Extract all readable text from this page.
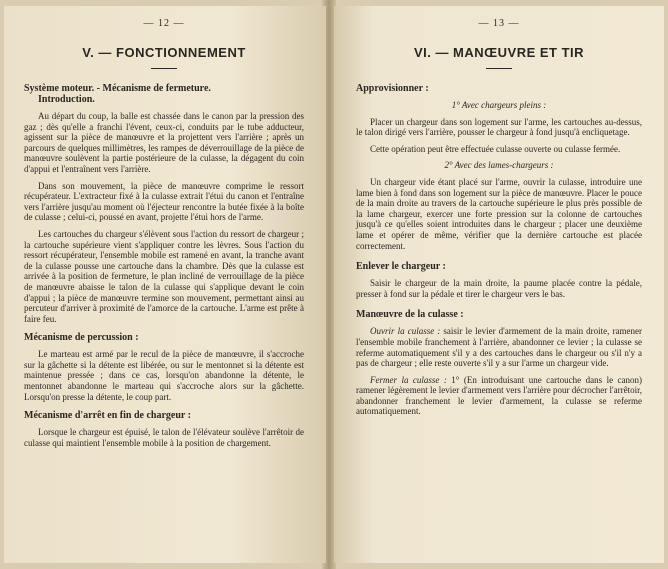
— 12 —
V. — FONCTIONNEMENT
Système moteur. - Mécanisme de fermeture.
Introduction.

Au départ du coup, la balle est chassée dans le canon par la pression des gaz ; dès qu'elle a franchi l'évent, ceux-ci, conduits par le tube adducteur, agissent sur la pièce de manœuvre et la projettent vers l'arrière ; après un parcours de quelques millimètres, les rampes de déverrouillage de la pièce de manœuvre soulèvent la partie postérieure de la culasse, la dégagent du coin d'appui et l'entraînent vers l'arrière.

Dans son mouvement, la pièce de manœuvre comprime le ressort récupérateur. L'extracteur fixé à la culasse extrait l'étui du canon et l'entraîne vers l'arrière jusqu'au moment où l'éjecteur rencontre la butée fixée à la boîte de culasse ; celui-ci, poussé en avant, projette l'étui hors de l'arme.

Les cartouches du chargeur s'élèvent sous l'action du ressort de chargeur ; la cartouche supérieure vient s'appliquer contre les lèvres. Sous l'action du ressort récupérateur, l'ensemble mobile est ramené en avant, la tranche avant de la culasse pousse une cartouche dans la chambre. Dès que la culasse est arrivée à la position de fermeture, le plan incliné de verrouillage de la pièce de manœuvre abaisse le talon de la culasse qui s'applique devant le coin d'appui ; la pièce de manœuvre termine son mouvement, permettant ainsi au percuteur d'arriver à proximité de l'amorce de la cartouche. L'arme est prête à faire feu.

Mécanisme de percussion :

Le marteau est armé par le recul de la pièce de manœuvre, il s'accroche sur la gâchette si la détente est libérée, ou sur le mentonnet si la détente est maintenue pressée ; dans ce cas, lorsqu'on abandonne la détente, le mentonnet abandonne le marteau qui s'accroche alors sur la gâchette. Lorsqu'on presse la détente, le coup part.

Mécanisme d'arrêt en fin de chargeur :

Lorsque le chargeur est épuisé, le talon de l'élévateur soulève l'arrêtoir de culasse qui maintient l'ensemble mobile à la position de chargement.

— 13 —
VI. — MANŒUVRE ET TIR
Approvisionner :

1° Avec chargeurs pleins :

Placer un chargeur dans son logement sur l'arme, les cartouches au-dessus, le talon dirigé vers l'arrière, pousser le chargeur à fond jusqu'à encliquetage.

Cette opération peut être effectuée culasse ouverte ou culasse fermée.

2° Avec des lames-chargeurs :

Un chargeur vide étant placé sur l'arme, ouvrir la culasse, introduire une lame bien à fond dans son logement sur la pièce de manœuvre. Placer le pouce de la main droite au travers de la cartouche supérieure le plus près possible de la lame chargeur, exercer une forte pression sur la colonne de cartouches jusqu'à ce qu'elles soient introduites dans le chargeur ; placer une deuxième lame et opérer de même, vérifier que la dernière cartouche est placée correctement.

Enlever le chargeur :

Saisir le chargeur de la main droite, la paume placée contre la pédale, presser à fond sur la pédale et tirer le chargeur vers le bas.

Manœuvre de la culasse :

Ouvrir la culasse : saisir le levier d'armement de la main droite, ramener l'ensemble mobile franchement à l'arrière, abandonner ce levier ; la culasse se referme automatiquement s'il y a des cartouches dans le chargeur ou s'il n'y a pas de chargeur ; elle reste ouverte s'il y a sur l'arme un chargeur vide.

Fermer la culasse : 1° (En introduisant une cartouche dans le canon) ramener légèrement le levier d'armement vers l'arrière pour décrocher l'arrêtoir, abandonner franchement le levier d'armement, la culasse se referme automatiquement.
